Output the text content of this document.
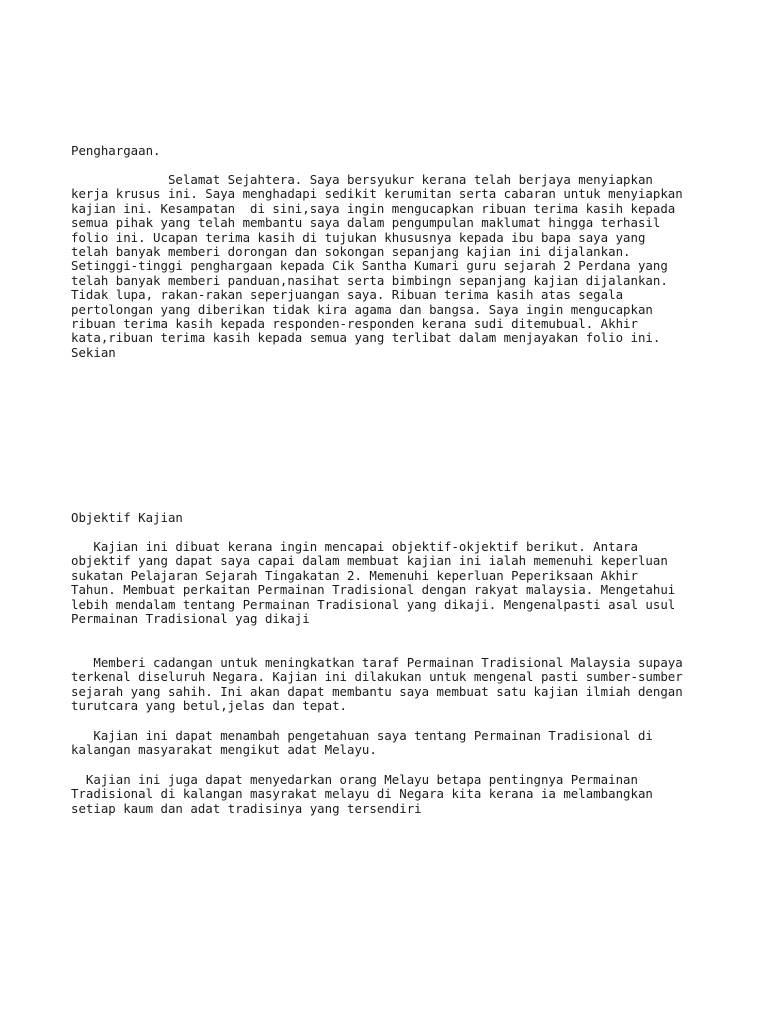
Penghargaan.

Selamat Sejahtera. Saya bersyukur kerana telah berjaya menyiapkan
kerja krusus ini. Saya menghadapi sedikit kerumitan serta cabaran untuk menyiapkan
kajian ini. Kesampatan  di sini,saya ingin mengucapkan ribuan terima kasih kepada
semua pihak yang telah membantu saya dalam pengumpulan maklumat hingga terhasil
folio ini. Ucapan terima kasih di tujukan khususnya kepada ibu bapa saya yang
telah banyak memberi dorongan dan sokongan sepanjang kajian ini dijalankan.
Setinggi-tinggi penghargaan kepada Cik Santha Kumari guru sejarah 2 Perdana yang
telah banyak memberi panduan,nasihat serta bimbingn sepanjang kajian dijalankan.
Tidak lupa, rakan-rakan seperjuangan saya. Ribuan terima kasih atas segala
pertolongan yang diberikan tidak kira agama dan bangsa. Saya ingin mengucapkan
ribuan terima kasih kepada responden-responden kerana sudi ditemubual. Akhir
kata,ribuan terima kasih kepada semua yang terlibat dalam menjayakan folio ini.
Sekian

Objektif Kajian

Kajian ini dibuat kerana ingin mencapai objektif-okjektif berikut. Antara
objektif yang dapat saya capai dalam membuat kajian ini ialah memenuhi keperluan
sukatan Pelajaran Sejarah Tingakatan 2. Memenuhi keperluan Peperiksaan Akhir
Tahun. Membuat perkaitan Permainan Tradisional dengan rakyat malaysia. Mengetahui
lebih mendalam tentang Permainan Tradisional yang dikaji. Mengenalpasti asal usul
Permainan Tradisional yag dikaji

Memberi cadangan untuk meningkatkan taraf Permainan Tradisional Malaysia supaya
terkenal diseluruh Negara. Kajian ini dilakukan untuk mengenal pasti sumber-sumber
sejarah yang sahih. Ini akan dapat membantu saya membuat satu kajian ilmiah dengan
turutcara yang betul,jelas dan tepat.

Kajian ini dapat menambah pengetahuan saya tentang Permainan Tradisional di
kalangan masyarakat mengikut adat Melayu.

Kajian ini juga dapat menyedarkan orang Melayu betapa pentingnya Permainan
Tradisional di kalangan masyrakat melayu di Negara kita kerana ia melambangkan
setiap kaum dan adat tradisinya yang tersendiri
